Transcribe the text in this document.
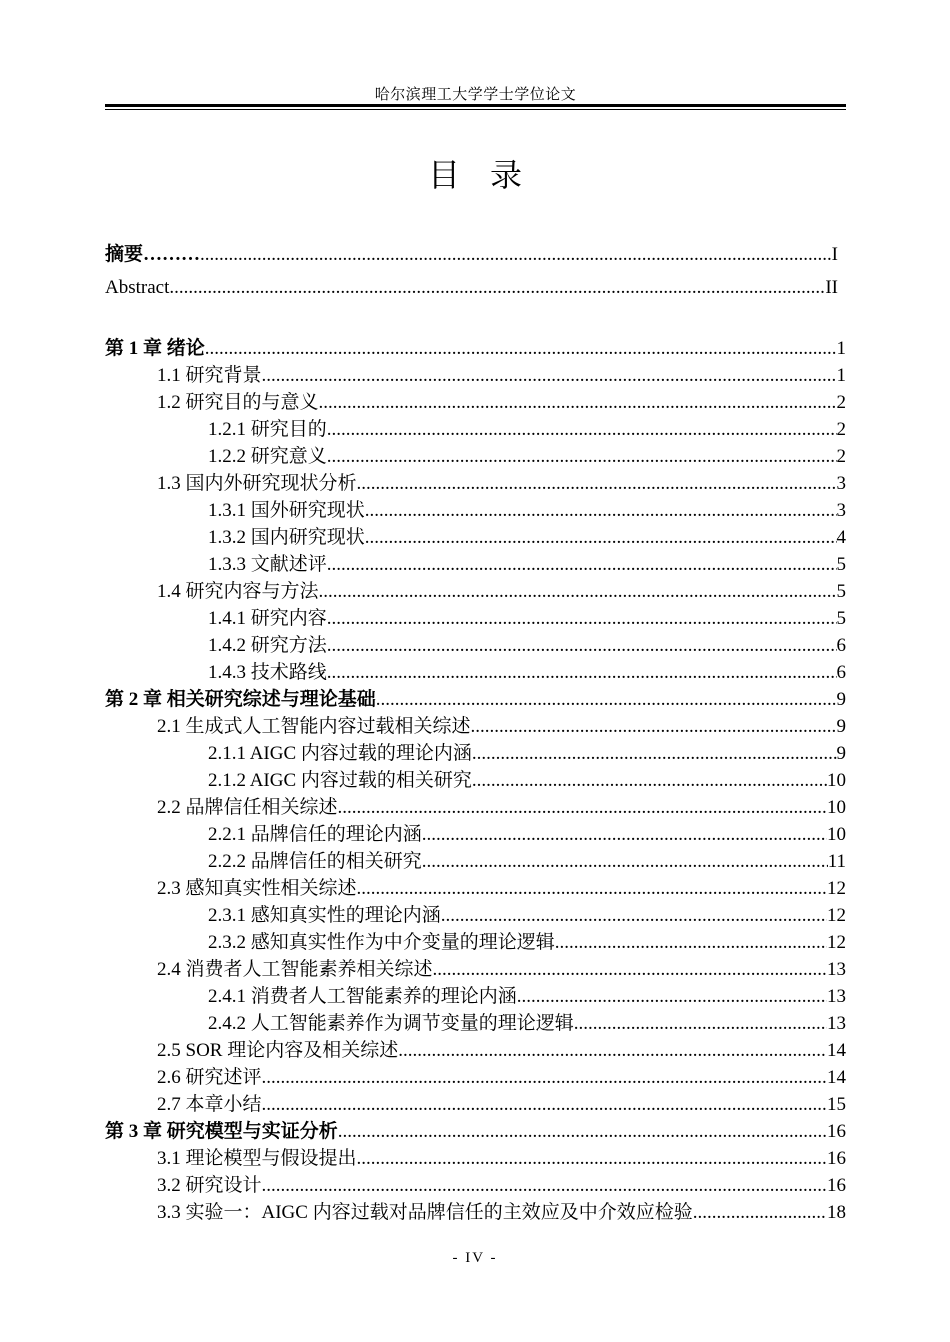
哈尔滨理工大学学士学位论文
目录
摘要……… .....	I
Abstract .....	II
第 1 章 绪论 .....	1
1.1 研究背景 .....	1
1.2 研究目的与意义 .....	2
1.2.1 研究目的 .....	2
1.2.2 研究意义 .....	2
1.3 国内外研究现状分析 .....	3
1.3.1 国外研究现状 .....	3
1.3.2 国内研究现状 .....	4
1.3.3 文献述评 .....	5
1.4 研究内容与方法 .....	5
1.4.1 研究内容 .....	5
1.4.2 研究方法 .....	6
1.4.3 技术路线 .....	6
第 2 章 相关研究综述与理论基础 .....	9
2.1 生成式人工智能内容过载相关综述 .....	9
2.1.1 AIGC 内容过载的理论内涵 .....	9
2.1.2 AIGC 内容过载的相关研究 .....	10
2.2 品牌信任相关综述 .....	10
2.2.1 品牌信任的理论内涵 .....	10
2.2.2 品牌信任的相关研究 .....	11
2.3 感知真实性相关综述 .....	12
2.3.1 感知真实性的理论内涵 .....	12
2.3.2 感知真实性作为中介变量的理论逻辑 .....	12
2.4 消费者人工智能素养相关综述 .....	13
2.4.1 消费者人工智能素养的理论内涵 .....	13
2.4.2 人工智能素养作为调节变量的理论逻辑 .....	13
2.5 SOR 理论内容及相关综述 .....	14
2.6 研究述评 .....	14
2.7 本章小结 .....	15
第 3 章 研究模型与实证分析 .....	16
3.1 理论模型与假设提出 .....	16
3.2 研究设计 .....	16
3.3 实验一：AIGC 内容过载对品牌信任的主效应及中介效应检验 .....	18
- IV -
